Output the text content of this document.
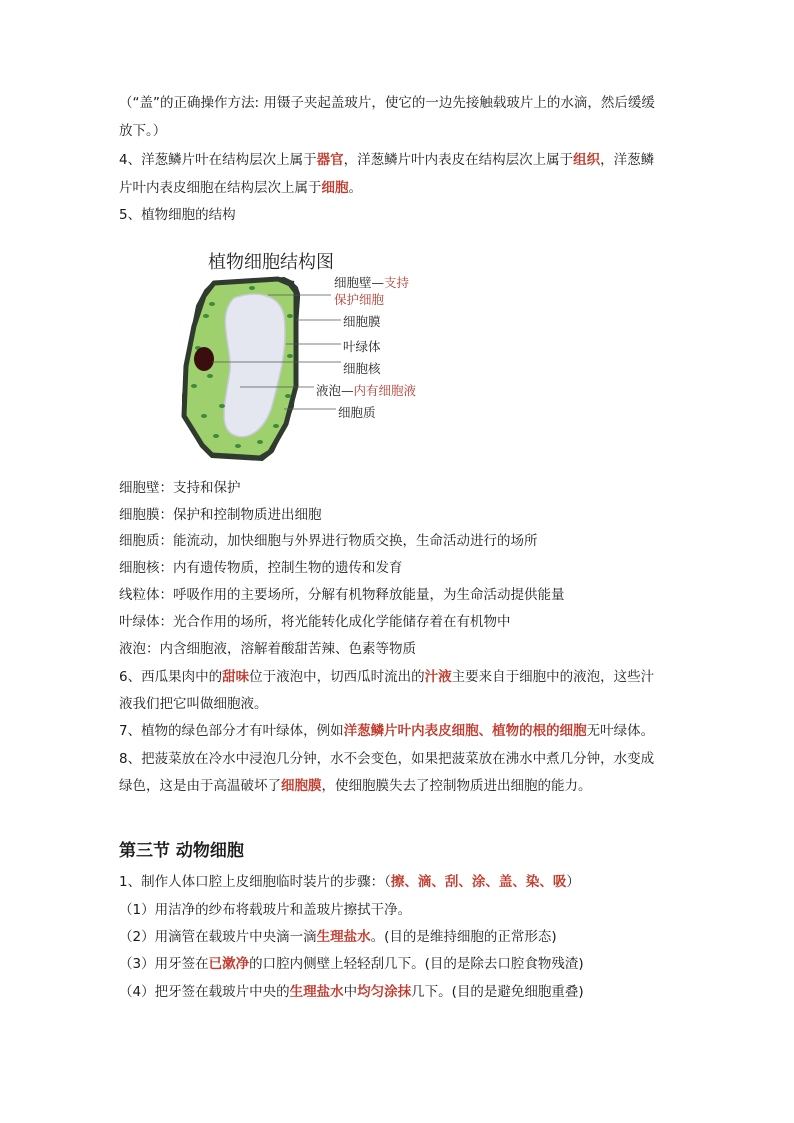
（“盖”的正确操作方法: 用镊子夹起盖玻片，使它的一边先接触载玻片上的水滴，然后缓缓
放下。）
4、洋葱鳞片叶在结构层次上属于器官，洋葱鳞片叶内表皮在结构层次上属于组织，洋葱鳞
片叶内表皮细胞在结构层次上属于细胞。
5、植物细胞的结构
细胞壁：支持和保护
细胞膜：保护和控制物质进出细胞
细胞质：能流动，加快细胞与外界进行物质交换，生命活动进行的场所
细胞核：内有遗传物质，控制生物的遗传和发育
线粒体：呼吸作用的主要场所，分解有机物释放能量，为生命活动提供能量
叶绿体：光合作用的场所，将光能转化成化学能储存着在有机物中
液泡：内含细胞液，溶解着酸甜苦辣、色素等物质
6、西瓜果肉中的甜味位于液泡中，切西瓜时流出的汁液主要来自于细胞中的液泡，这些汁
液我们把它叫做细胞液。
7、植物的绿色部分才有叶绿体，例如洋葱鳞片叶内表皮细胞、植物的根的细胞无叶绿体。
8、把菠菜放在冷水中浸泡几分钟，水不会变色，如果把菠菜放在沸水中煮几分钟，水变成
绿色，这是由于高温破坏了细胞膜，使细胞膜失去了控制物质进出细胞的能力。
1、制作人体口腔上皮细胞临时装片的步骤：（擦、滴、刮、涂、盖、染、吸）
（1）用洁净的纱布将载玻片和盖玻片擦拭干净。
（2）用滴管在载玻片中央滴一滴生理盐水。(目的是维持细胞的正常形态)
（3）用牙签在已漱净的口腔内侧壁上轻轻刮几下。(目的是除去口腔食物残渣)
（4）把牙签在载玻片中央的生理盐水中均匀涂抹几下。(目的是避免细胞重叠)
第三节 动物细胞
植物细胞结构图
细胞壁—支持
保护细胞
细胞膜
叶绿体
细胞核
液泡—内有细胞液
细胞质
